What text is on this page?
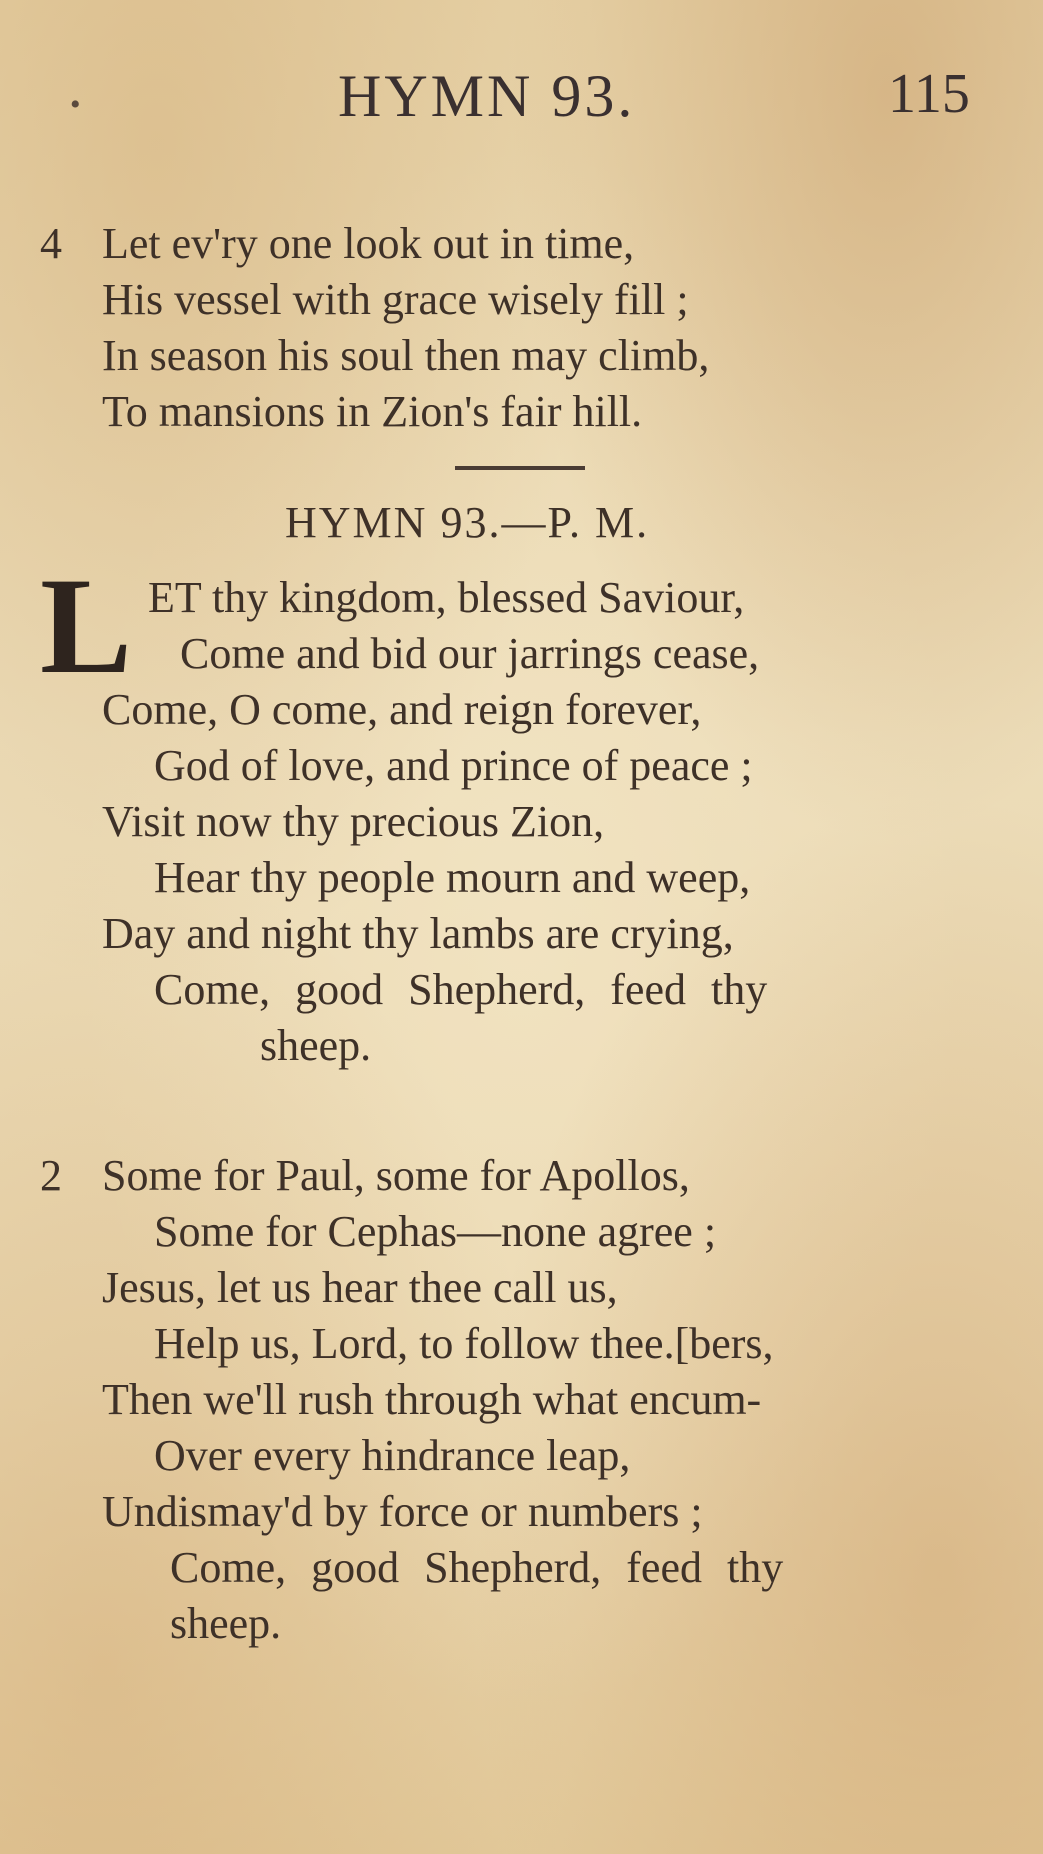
•	HYMN 93.	115
4 Let ev'ry one look out in time,
His vessel with grace wisely fill ;
In season his soul then may climb,
To mansions in Zion's fair hill.
HYMN 93.—P. M.
L ET thy kingdom, blessed Saviour,
Come and bid our jarrings cease,
Come, O come, and reign forever,
God of love, and prince of peace ;
Visit now thy precious Zion,
Hear thy people mourn and weep,
Day and night thy lambs are crying,
Come, good Shepherd, feed thy
sheep.
2 Some for Paul, some for Apollos,
Some for Cephas—none agree ;
Jesus, let us hear thee call us,
Help us, Lord, to follow thee.[bers,
Then we'll rush through what encum-
Over every hindrance leap,
Undismay'd by force or numbers ;
Come, good Shepherd, feed thy
sheep.
